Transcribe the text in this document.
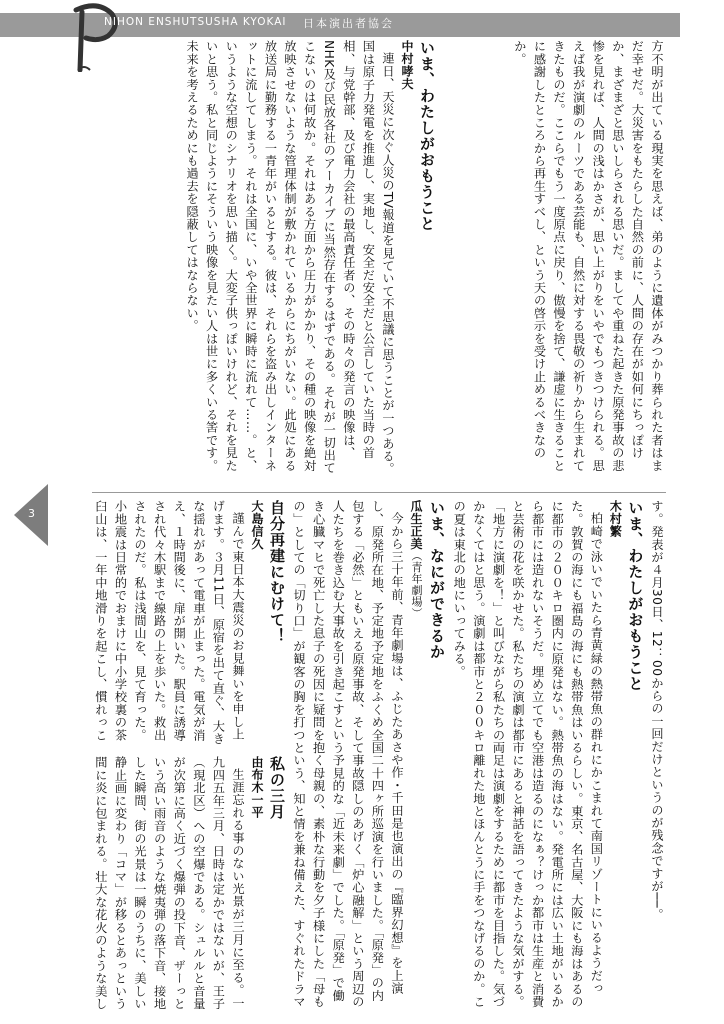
NIHON ENSHUTSUSHA KYOKAI 日本演出者協会
3
方不明が出ている現実を思えば、弟のように遺体がみつかり葬られた者はまだ幸せだ。大災害をもたらした自然の前に、人間の存在が如何にちっぽけか、まざまざと思いしらされる思いだ。ましてや重ねた起きた原発事故の悲惨を見れば、人間の浅はかさが、思い上がりをいやでもつきつけられる。思えば我が演劇のルーツである芸能も、自然に対する畏敬の祈りから生まれてきたものだ。ここらでもう一度原点に戻り、傲慢を捨て、謙虚に生きることに感謝したところから再生すべし、という天の啓示を受け止めるべきなのか。
いま、わたしがおもうこと
中村哮夫
連日、天災に次ぐ人災のTV報道を見ていて不思議に思うことが一つある。国は原子力発電を推進し、実地し、安全だ安全だと公言していた当時の首相、与党幹部、及び電力会社の最高責任者の、その時々の発言の映像は、NHK及び民放各社のアーカイブに当然存在するはずである。それが一切出てこないのは何故か。それはある方面から圧力がかかり、その種の映像を絶対放映させないような管理体制が敷かれているからにちがいない。此処にある放送局に勤務する一青年がいるとする。彼は、それらを盗み出しインターネットに流してしまう。それは全国に、いや全世界に瞬時に流れて……。と、いうような空想のシナリオを思い描く。大変子供っぽいけれど、それを見たいと思う。私と同じようにそういう映像を見たい人は世に多くいる筈です。未来を考えるためにも過去を隠蔽してはならない。
す。発表が４月30日、12：00からの一回だけというのが残念ですが──。
いま、わたしがおもうこと
木村繁
柏崎で泳いでいたら青黄緑の熱帯魚の群れにかこまれて南国リゾートにいるようだった。敦賀の海にも福島の海にも熱帯魚はいるらしい。東京、名古屋、大阪にも海はあるのに都市の２００キロ圏内に原発はない。熱帯魚の海はない。発電所には広い土地がいるから都市には造れないそうだ。埋め立てでも空港は造るのになぁ？けっか都市は生産と消費と芸術の花を咲かせた。私たちの演劇は都市にあると神話を語ってきたような気がする。「地方に演劇を！」と叫びながら私たちの両足は演劇をするために都市を目指した。気づかなくてはと思う。演劇は都市と２００キロ離れた地とほんとうに手をつなげるのか。この夏は東北の地にいってみる。
いま、なにができるか
瓜生正美（青年劇場）
今から三十年前、青年劇場は、ふじたあさや作・千田是也演出の『臨界幻想』を上演し、原発所在地、予定地予定地をふくめ全国二十四ヶ所巡演を行いました。「原発」の内包する「必然」ともいえる原発事故、そして事故隠しのあげく「炉心融解」という周辺の人たちを巻き込む大事故を引き起こすという予見的な「近未来劇」でした。「原発」で働き心臓マヒで死亡した息子の死因に疑問を抱く母親の、素朴な行動を夕子様にした「母もの」としての「切り口」が観客の胸を打つという、知と情を兼ね備えた、すぐれたドラマ
自分再建にむけて！
大島信久
謹んで東日本大震災のお見舞いを申し上げます。３月11日、原宿を出て直ぐ、大きな揺れがあって電車が止まった。電気が消え、１時間後に、扉が開いた。駅員に誘導され代々木駅まで線路の上を歩いた。救出されたのだ。私は浅間山を、見て育った。小地震は日常的でおまけに中小学校裏の茶臼山は、一年中地滑りを起こし、慣れっこ
私の三月
由布木一平
生涯忘れる事のない光景が三月に至る。一九四五年三月、日時は定かではないが、王子（現北区）への空爆である。シュルルと音量が次第に高く近づく爆弾の投下音、ザーっという高い雨音のような焼夷弾の落下音、接地した瞬間、街の光景は一瞬のうちに、美しい静止画に変わり「コマ」が移るとあっという間に炎に包まれる。壮大な花火のような美し
